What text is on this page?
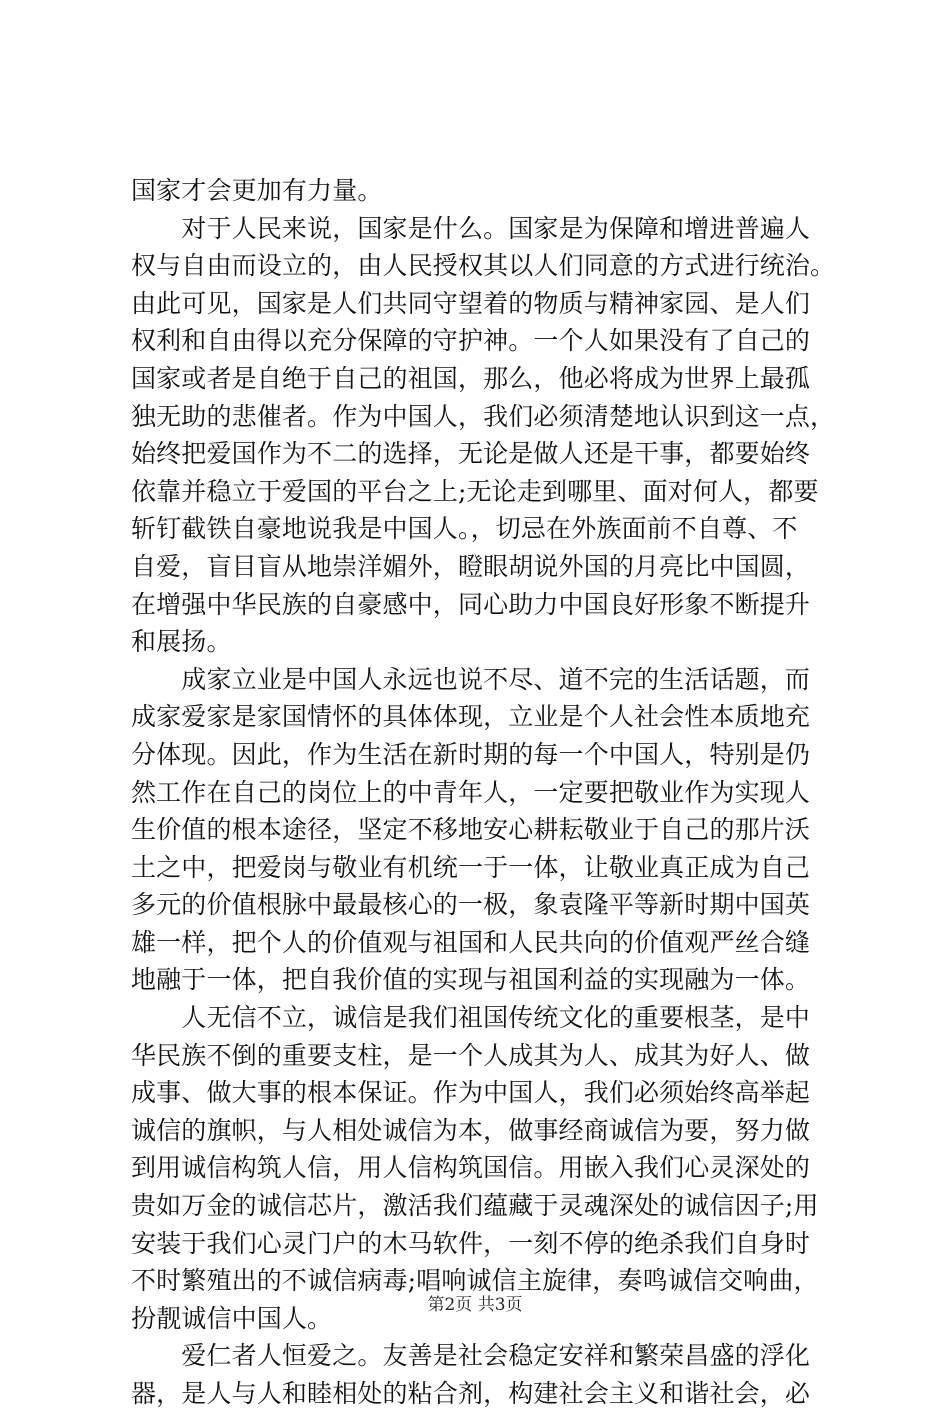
国家才会更加有力量。
　　对于人民来说，国家是什么。国家是为保障和增进普遍人
权与自由而设立的，由人民授权其以人们同意的方式进行统治。
由此可见，国家是人们共同守望着的物质与精神家园、是人们
权利和自由得以充分保障的守护神。一个人如果没有了自己的
国家或者是自绝于自己的祖国，那么，他必将成为世界上最孤
独无助的悲催者。作为中国人，我们必须清楚地认识到这一点，
始终把爱国作为不二的选择，无论是做人还是干事，都要始终
依靠并稳立于爱国的平台之上;无论走到哪里、面对何人，都要
斩钉截铁自豪地说我是中国人。，切忌在外族面前不自尊、不
自爱，盲目盲从地崇洋媚外，瞪眼胡说外国的月亮比中国圆，
在增强中华民族的自豪感中，同心助力中国良好形象不断提升
和展扬。
　　成家立业是中国人永远也说不尽、道不完的生活话题，而
成家爱家是家国情怀的具体体现，立业是个人社会性本质地充
分体现。因此，作为生活在新时期的每一个中国人，特别是仍
然工作在自己的岗位上的中青年人，一定要把敬业作为实现人
生价值的根本途径，坚定不移地安心耕耘敬业于自己的那片沃
土之中，把爱岗与敬业有机统一于一体，让敬业真正成为自己
多元的价值根脉中最最核心的一极，象袁隆平等新时期中国英
雄一样，把个人的价值观与祖国和人民共向的价值观严丝合缝
地融于一体，把自我价值的实现与祖国利益的实现融为一体。
　　人无信不立，诚信是我们祖国传统文化的重要根茎，是中
华民族不倒的重要支柱，是一个人成其为人、成其为好人、做
成事、做大事的根本保证。作为中国人，我们必须始终高举起
诚信的旗帜，与人相处诚信为本，做事经商诚信为要，努力做
到用诚信构筑人信，用人信构筑国信。用嵌入我们心灵深处的
贵如万金的诚信芯片，激活我们蕴藏于灵魂深处的诚信因子;用
安装于我们心灵门户的木马软件，一刻不停的绝杀我们自身时
不时繁殖出的不诚信病毒;唱响诚信主旋律，奏鸣诚信交响曲，
扮靓诚信中国人。
　　爱仁者人恒爱之。友善是社会稳定安祥和繁荣昌盛的浮化
器，是人与人和睦相处的粘合剂，构建社会主义和谐社会，必
第2页 共3页
